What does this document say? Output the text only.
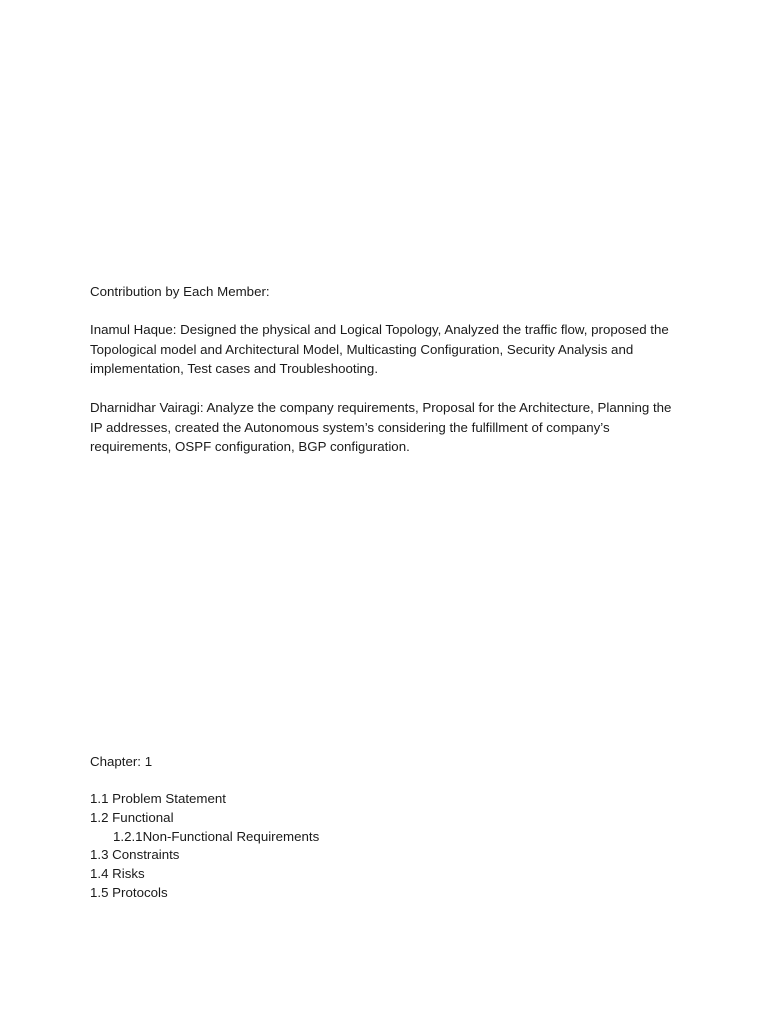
Contribution by Each Member:

Inamul Haque: Designed the physical and Logical Topology, Analyzed the traffic flow, proposed the Topological model and Architectural Model, Multicasting Configuration, Security Analysis and implementation, Test cases and Troubleshooting.

Dharnidhar Vairagi: Analyze the company requirements, Proposal for the Architecture, Planning the IP addresses, created the Autonomous system’s considering the fulfillment of company’s requirements, OSPF configuration, BGP configuration.

Chapter: 1

1.1 Problem Statement

1.2 Functional

1.2.1Non-Functional Requirements

1.3 Constraints

1.4 Risks

1.5 Protocols
